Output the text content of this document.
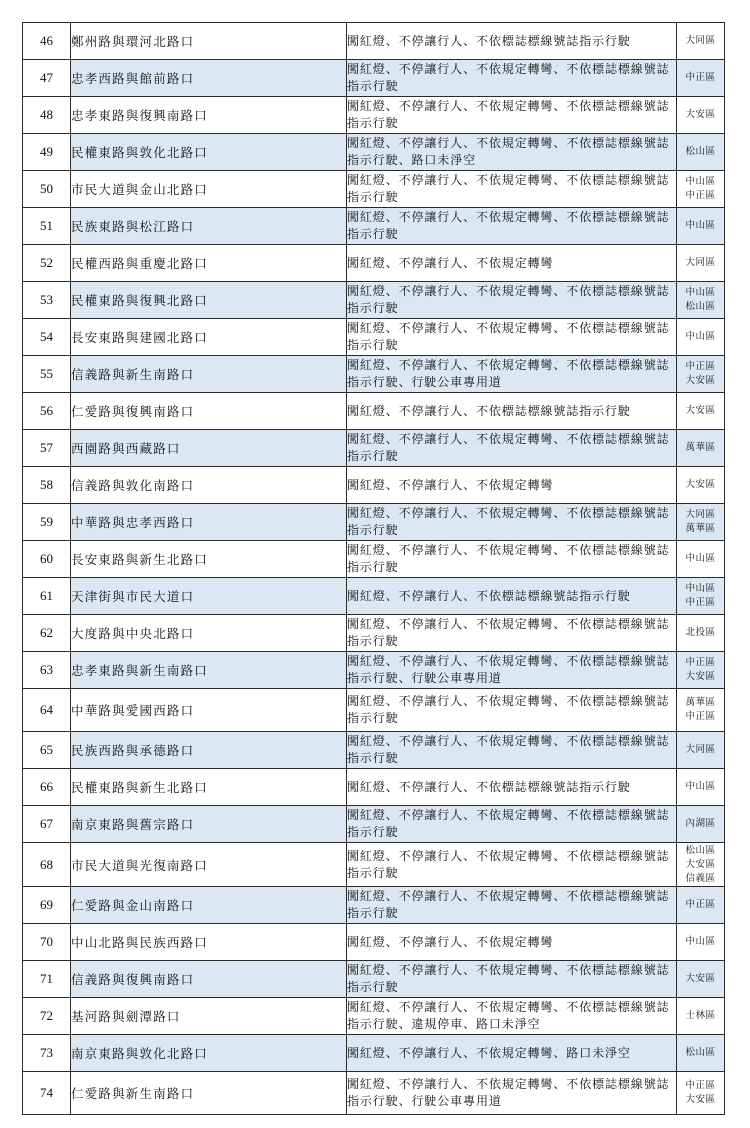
46	鄭州路與環河北路口	闖紅燈、不停讓行人、不依標誌標線號誌指示行駛	大同區

47	忠孝西路與館前路口	闖紅燈、不停讓行人、不依規定轉彎、不依標誌標線號誌指示行駛	中正區

48	忠孝東路與復興南路口	闖紅燈、不停讓行人、不依規定轉彎、不依標誌標線號誌指示行駛	大安區

49	民權東路與敦化北路口	闖紅燈、不停讓行人、不依規定轉彎、不依標誌標線號誌指示行駛、路口未淨空	松山區

50	市民大道與金山北路口	闖紅燈、不停讓行人、不依規定轉彎、不依標誌標線號誌指示行駛	中山區
中正區

51	民族東路與松江路口	闖紅燈、不停讓行人、不依規定轉彎、不依標誌標線號誌指示行駛	中山區

52	民權西路與重慶北路口	闖紅燈、不停讓行人、不依規定轉彎	大同區

53	民權東路與復興北路口	闖紅燈、不停讓行人、不依規定轉彎、不依標誌標線號誌指示行駛	中山區
松山區

54	長安東路與建國北路口	闖紅燈、不停讓行人、不依規定轉彎、不依標誌標線號誌指示行駛	中山區

55	信義路與新生南路口	闖紅燈、不停讓行人、不依規定轉彎、不依標誌標線號誌指示行駛、行駛公車專用道	中正區
大安區

56	仁愛路與復興南路口	闖紅燈、不停讓行人、不依標誌標線號誌指示行駛	大安區

57	西園路與西藏路口	闖紅燈、不停讓行人、不依規定轉彎、不依標誌標線號誌指示行駛	萬華區

58	信義路與敦化南路口	闖紅燈、不停讓行人、不依規定轉彎	大安區

59	中華路與忠孝西路口	闖紅燈、不停讓行人、不依規定轉彎、不依標誌標線號誌指示行駛	大同區
萬華區

60	長安東路與新生北路口	闖紅燈、不停讓行人、不依規定轉彎、不依標誌標線號誌指示行駛	中山區

61	天津街與市民大道口	闖紅燈、不停讓行人、不依標誌標線號誌指示行駛	中山區
中正區

62	大度路與中央北路口	闖紅燈、不停讓行人、不依規定轉彎、不依標誌標線號誌指示行駛	北投區

63	忠孝東路與新生南路口	闖紅燈、不停讓行人、不依規定轉彎、不依標誌標線號誌指示行駛、行駛公車專用道	中正區
大安區

64	中華路與愛國西路口	闖紅燈、不停讓行人、不依規定轉彎、不依標誌標線號誌指示行駛	萬華區
中正區

65	民族西路與承德路口	闖紅燈、不停讓行人、不依規定轉彎、不依標誌標線號誌指示行駛	大同區

66	民權東路與新生北路口	闖紅燈、不停讓行人、不依標誌標線號誌指示行駛	中山區

67	南京東路與舊宗路口	闖紅燈、不停讓行人、不依規定轉彎、不依標誌標線號誌指示行駛	內湖區

68	市民大道與光復南路口	闖紅燈、不停讓行人、不依規定轉彎、不依標誌標線號誌指示行駛	松山區
大安區
信義區

69	仁愛路與金山南路口	闖紅燈、不停讓行人、不依規定轉彎、不依標誌標線號誌指示行駛	中正區

70	中山北路與民族西路口	闖紅燈、不停讓行人、不依規定轉彎	中山區

71	信義路與復興南路口	闖紅燈、不停讓行人、不依規定轉彎、不依標誌標線號誌指示行駛	大安區

72	基河路與劍潭路口	闖紅燈、不停讓行人、不依規定轉彎、不依標誌標線號誌指示行駛、違規停車、路口未淨空	士林區

73	南京東路與敦化北路口	闖紅燈、不停讓行人、不依規定轉彎、路口未淨空	松山區

74	仁愛路與新生南路口	闖紅燈、不停讓行人、不依規定轉彎、不依標誌標線號誌指示行駛、行駛公車專用道	中正區
大安區
